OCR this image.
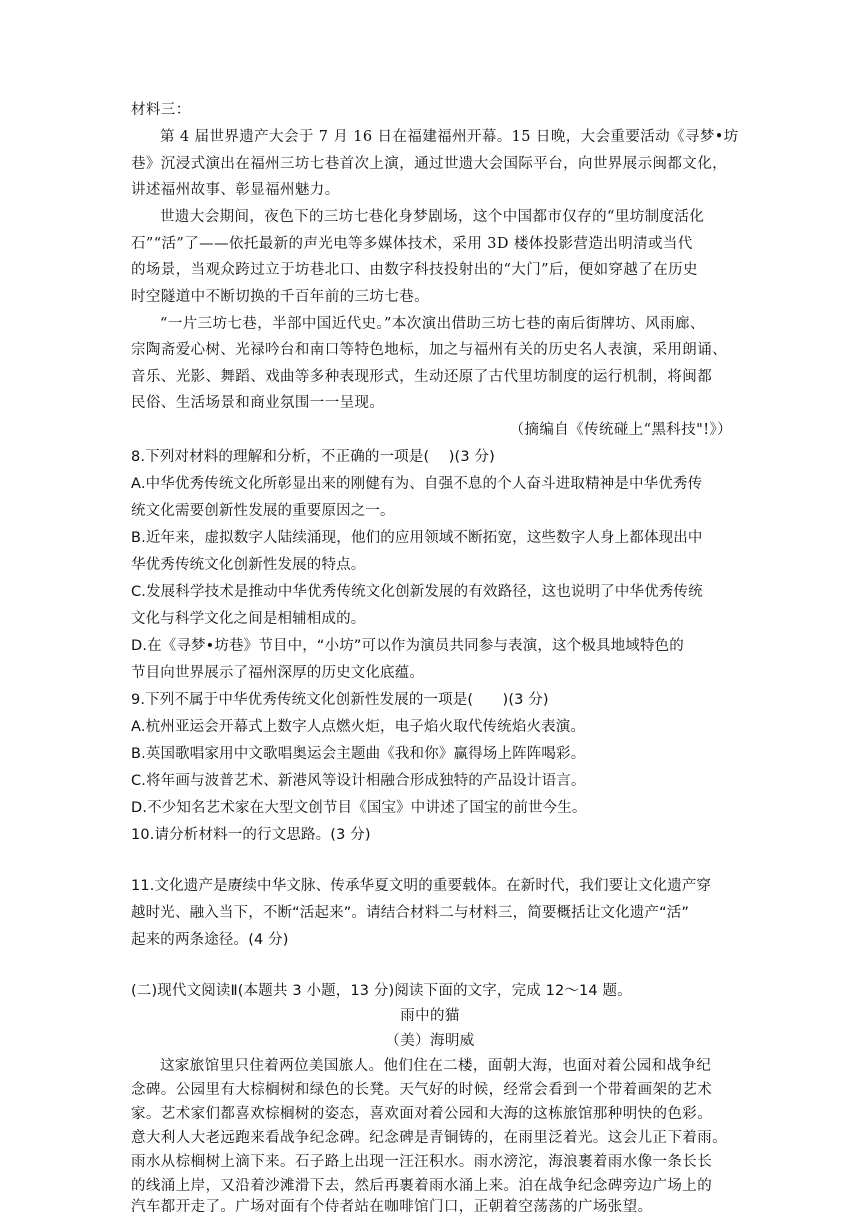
材料三：
第 4 届世界遗产大会于 7 月 16 日在福建福州开幕。15 日晚，大会重要活动《寻梦•坊
巷》沉浸式演出在福州三坊七巷首次上演，通过世遗大会国际平台，向世界展示闽都文化，
讲述福州故事、彰显福州魅力。
世遗大会期间，夜色下的三坊七巷化身梦剧场，这个中国都市仅存的“里坊制度活化
石”“活”了——依托最新的声光电等多媒体技术，采用 3D 楼体投影营造出明清或当代
的场景，当观众跨过立于坊巷北口、由数字科技投射出的“大门”后，便如穿越了在历史
时空隧道中不断切换的千百年前的三坊七巷。
“一片三坊七巷，半部中国近代史。”本次演出借助三坊七巷的南后街牌坊、风雨廊、
宗陶斋爱心树、光禄吟台和南口等特色地标，加之与福州有关的历史名人表演，采用朗诵、
音乐、光影、舞蹈、戏曲等多种表现形式，生动还原了古代里坊制度的运行机制，将闽都
民俗、生活场景和商业氛围一一呈现。
（摘编自《传统碰上“黑科技"!》）
8.下列对材料的理解和分析，不正确的一项是(　 )(3 分)
A.中华优秀传统文化所彰显出来的刚健有为、自强不息的个人奋斗进取精神是中华优秀传
统文化需要创新性发展的重要原因之一。
B.近年来，虚拟数字人陆续涌现，他们的应用领域不断拓宽，这些数字人身上都体现出中
华优秀传统文化创新性发展的特点。
C.发展科学技术是推动中华优秀传统文化创新发展的有效路径，这也说明了中华优秀传统
文化与科学文化之间是相辅相成的。
D.在《寻梦•坊巷》节目中，“小坊”可以作为演员共同参与表演，这个极具地域特色的
节目向世界展示了福州深厚的历史文化底蕴。
9.下列不属于中华优秀传统文化创新性发展的一项是(　　)(3 分)
A.杭州亚运会开幕式上数字人点燃火炬，电子焰火取代传统焰火表演。
B.英国歌唱家用中文歌唱奥运会主题曲《我和你》赢得场上阵阵喝彩。
C.将年画与波普艺术、新港风等设计相融合形成独特的产品设计语言。
D.不少知名艺术家在大型文创节目《国宝》中讲述了国宝的前世今生。
10.请分析材料一的行文思路。(3 分)
11.文化遗产是赓续中华文脉、传承华夏文明的重要载体。在新时代，我们要让文化遗产穿
越时光、融入当下，不断“活起来”。请结合材料二与材料三，简要概括让文化遗产“活”
起来的两条途径。(4 分)
(二)现代文阅读Ⅱ(本题共 3 小题，13 分)阅读下面的文字，完成 12～14 题。
雨中的猫
（美）海明威
这家旅馆里只住着两位美国旅人。他们住在二楼，面朝大海，也面对着公园和战争纪
念碑。公园里有大棕榈树和绿色的长凳。天气好的时候，经常会看到一个带着画架的艺术
家。艺术家们都喜欢棕榈树的姿态，喜欢面对着公园和大海的这栋旅馆那种明快的色彩。
意大利人大老远跑来看战争纪念碑。纪念碑是青铜铸的，在雨里泛着光。这会儿正下着雨。
雨水从棕榈树上滴下来。石子路上出现一汪汪积水。雨水滂沱，海浪裹着雨水像一条长长
的线涌上岸，又沿着沙滩滑下去，然后再裹着雨水涌上来。泊在战争纪念碑旁边广场上的
汽车都开走了。广场对面有个侍者站在咖啡馆门口，正朝着空荡荡的广场张望。
